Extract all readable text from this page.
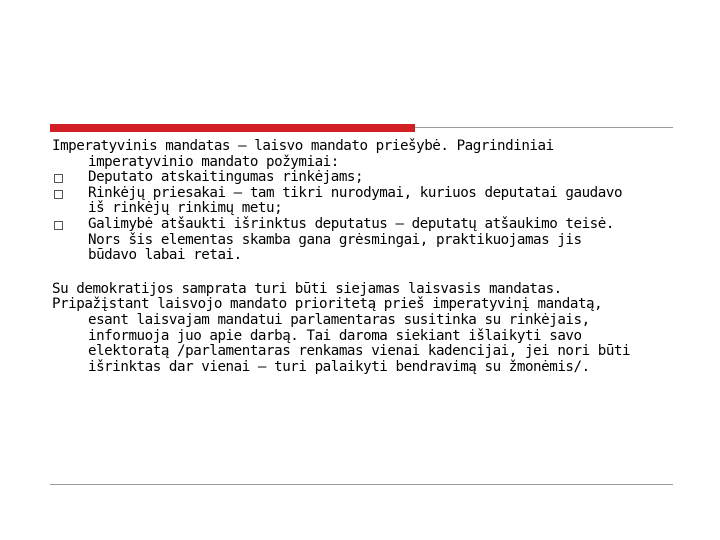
Imperatyvinis mandatas – laisvo mandato priešybė. Pagrindiniai

imperatyvinio mandato požymiai:

Deputato atskaitingumas rinkėjams;

Rinkėjų priesakai – tam tikri nurodymai, kuriuos deputatai gaudavo

iš rinkėjų rinkimų metu;

Galimybė atšaukti išrinktus deputatus – deputatų atšaukimo teisė.

Nors šis elementas skamba gana grėsmingai, praktikuojamas jis

būdavo labai retai.

Su demokratijos samprata turi būti siejamas laisvasis mandatas.

Pripažįstant laisvojo mandato prioritetą prieš imperatyvinį mandatą,

esant laisvajam mandatui parlamentaras susitinka su rinkėjais,

informuoja juo apie darbą. Tai daroma siekiant išlaikyti savo

elektoratą /parlamentaras renkamas vienai kadencijai, jei nori būti

išrinktas dar vienai – turi palaikyti bendravimą su žmonėmis/.
